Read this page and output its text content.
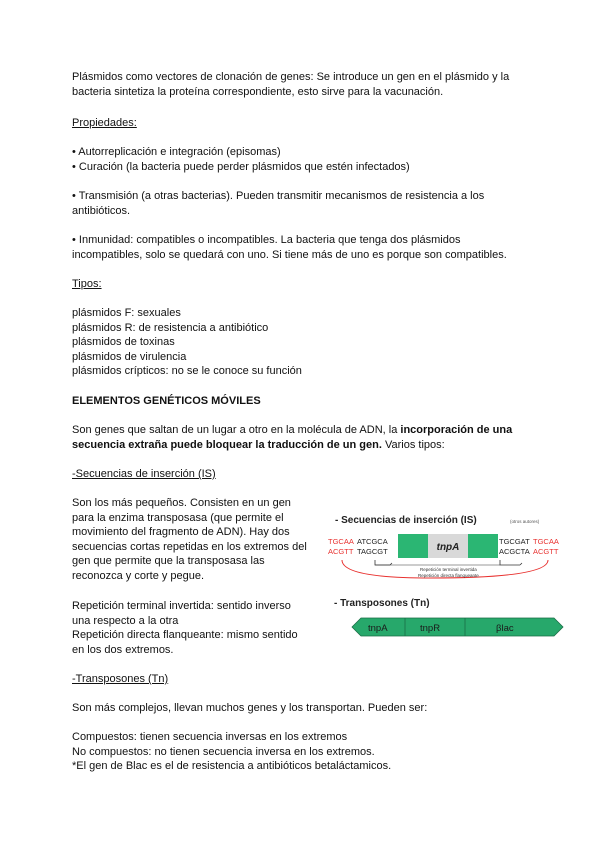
Plásmidos como vectores de clonación de genes: Se introduce un gen en el plásmido y la bacteria sintetiza la proteína correspondiente, esto sirve para la vacunación.

Propiedades:

• Autorreplicación e integración (episomas)

• Curación (la bacteria puede perder plásmidos que estén infectados)

• Transmisión (a otras bacterias). Pueden transmitir mecanismos de resistencia a los antibióticos.

• Inmunidad: compatibles o incompatibles. La bacteria que tenga dos plásmidos incompatibles, solo se quedará con uno. Si tiene más de uno es porque son compatibles.

Tipos:

plásmidos F: sexuales

plásmidos R: de resistencia a antibiótico

plásmidos de toxinas

plásmidos de virulencia

plásmidos crípticos: no se le conoce su función

ELEMENTOS GENÉTICOS MÓVILES

Son genes que saltan de un lugar a otro en la molécula de ADN, la incorporación de una secuencia extraña puede bloquear la traducción de un gen. Varios tipos:

-Secuencias de inserción (IS)

Son los más pequeños. Consisten en un gen para la enzima transposasa (que permite el movimiento del fragmento de ADN). Hay dos secuencias cortas repetidas en los extremos del gen que permite que la transposasa las reconozca y corte y pegue.

Repetición terminal invertida: sentido inverso una respecto a la otra

Repetición directa flanqueante: mismo sentido en los dos extremos.

- Secuencias de inserción (IS)	(otros autores)
tnpA
TGCAA ATCGCA
ACGTT TAGCGT
TGCGAT TGCAA
ACGCTA ACGTT
Repetición terminal invertida
Repetición directa flanqueante
- Transposones (Tn)
tnpA	tnpR	βlac

-Transposones (Tn)

Son más complejos, llevan muchos genes y los transportan. Pueden ser:

Compuestos: tienen secuencia inversas en los extremos

No compuestos: no tienen secuencia inversa en los extremos.

*El gen de Blac es el de resistencia a antibióticos betaláctamicos.
